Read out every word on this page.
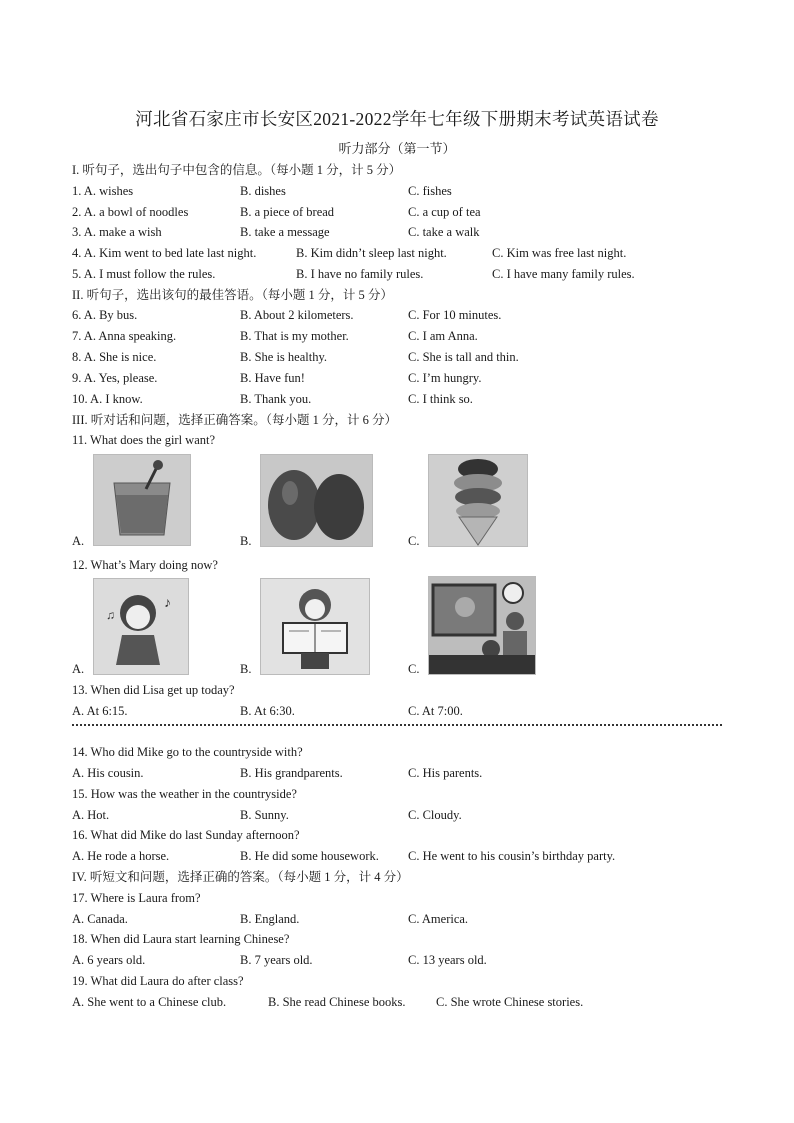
河北省石家庄市长安区2021-2022学年七年级下册期末考试英语试卷
听力部分（第一节）
I. 听句子，选出句子中包含的信息。（每小题 1 分，计 5 分）
1. A. wishes	B. dishes	C. fishes
2. A. a bowl of noodles	B. a piece of bread	C. a cup of tea
3. A. make a wish	B. take a message	C. take a walk
4. A. Kim went to bed late last night.	B. Kim didn’t sleep last night.	C. Kim was free last night.
5. A. I must follow the rules.	B. I have no family rules.	C. I have many family rules.
II. 听句子，选出该句的最佳答语。（每小题 1 分，计 5 分）
6. A. By bus.	B. About 2 kilometers.	C. For 10 minutes.
7. A. Anna speaking.	B. That is my mother.	C. I am Anna.
8. A. She is nice.	B. She is healthy.	C. She is tall and thin.
9. A. Yes, please.	B. Have fun!	C. I’m hungry.
10. A. I know.	B. Thank you.	C. I think so.
III. 听对话和问题，选择正确答案。（每小题 1 分，计 6 分）
11. What does the girl want?
A.	B.	C.
12. What’s Mary doing now?
A.
♪
♫
B.	C.
13. When did Lisa get up today?
A. At 6:15.	B. At 6:30.	C. At 7:00.
14. Who did Mike go to the countryside with?
A. His cousin.	B. His grandparents.	C. His parents.
15. How was the weather in the countryside?
A. Hot.	B. Sunny.	C. Cloudy.
16. What did Mike do last Sunday afternoon?
A. He rode a horse.	B. He did some housework. C. He went to his cousin’s birthday party.
IV. 听短文和问题，选择正确的答案。（每小题 1 分，计 4 分）
17. Where is Laura from?
A. Canada.	B. England.	C. America.
18. When did Laura start learning Chinese?
A. 6 years old.	B. 7 years old.	C. 13 years old.
19. What did Laura do after class?
A. She went to a Chinese club.	B. She read Chinese books. C. She wrote Chinese stories.
